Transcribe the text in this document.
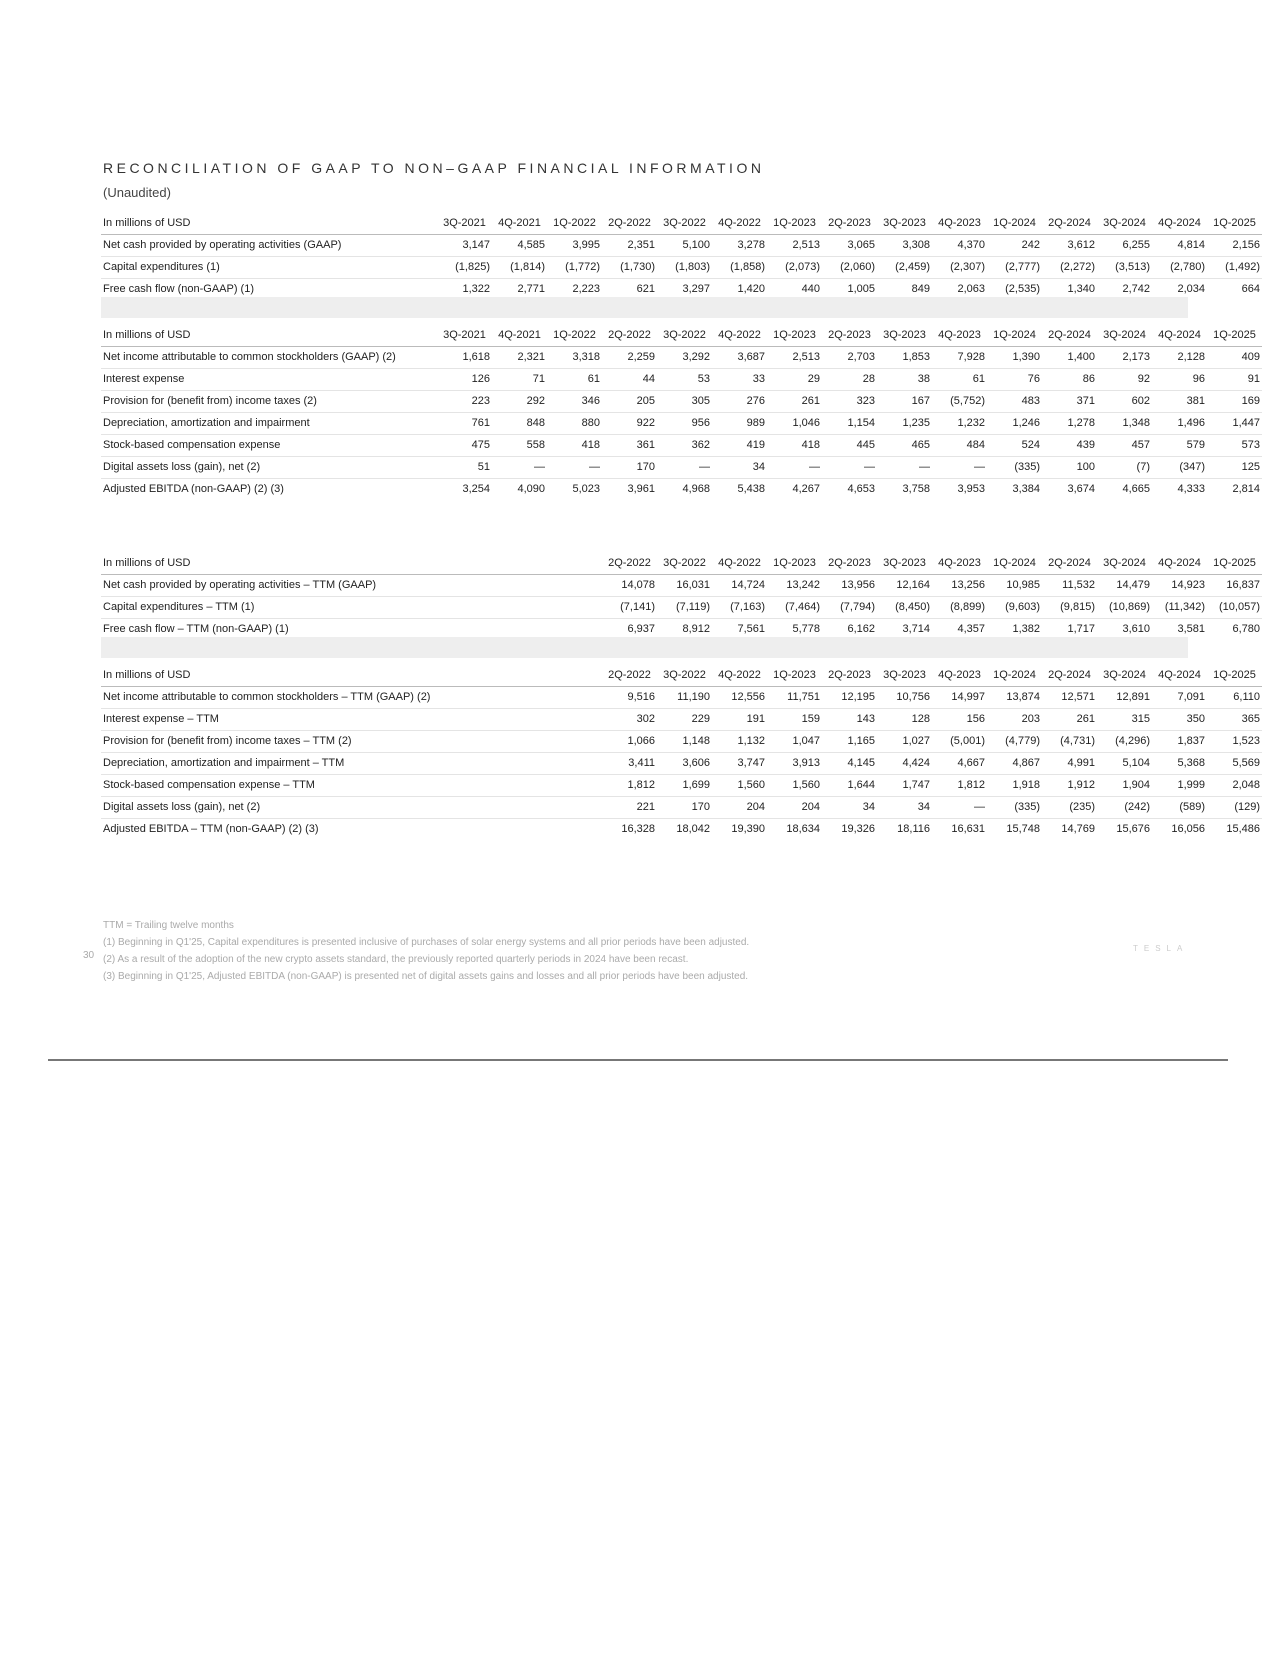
RECONCILIATION OF GAAP TO NON–GAAP FINANCIAL INFORMATION
(Unaudited)
In millions of USD	3Q-2021	4Q-2021	1Q-2022	2Q-2022	3Q-2022	4Q-2022	1Q-2023	2Q-2023	3Q-2023	4Q-2023	1Q-2024	2Q-2024	3Q-2024	4Q-2024	1Q-2025
Net cash provided by operating activities (GAAP)	3,147	4,585	3,995	2,351	5,100	3,278	2,513	3,065	3,308	4,370	242	3,612	6,255	4,814	2,156
Capital expenditures (1)	(1,825)	(1,814)	(1,772)	(1,730)	(1,803)	(1,858)	(2,073)	(2,060)	(2,459)	(2,307)	(2,777)	(2,272)	(3,513)	(2,780)	(1,492)
Free cash flow (non-GAAP) (1)	1,322	2,771	2,223	621	3,297	1,420	440	1,005	849	2,063	(2,535)	1,340	2,742	2,034	664
In millions of USD	3Q-2021	4Q-2021	1Q-2022	2Q-2022	3Q-2022	4Q-2022	1Q-2023	2Q-2023	3Q-2023	4Q-2023	1Q-2024	2Q-2024	3Q-2024	4Q-2024	1Q-2025
Net income attributable to common stockholders (GAAP) (2)	1,618	2,321	3,318	2,259	3,292	3,687	2,513	2,703	1,853	7,928	1,390	1,400	2,173	2,128	409
Interest expense	126	71	61	44	53	33	29	28	38	61	76	86	92	96	91
Provision for (benefit from) income taxes (2)	223	292	346	205	305	276	261	323	167	(5,752)	483	371	602	381	169
Depreciation, amortization and impairment	761	848	880	922	956	989	1,046	1,154	1,235	1,232	1,246	1,278	1,348	1,496	1,447
Stock-based compensation expense	475	558	418	361	362	419	418	445	465	484	524	439	457	579	573
Digital assets loss (gain), net (2)	51	—	—	170	—	34	—	—	—	—	(335)	100	(7)	(347)	125
Adjusted EBITDA (non-GAAP) (2) (3)	3,254	4,090	5,023	3,961	4,968	5,438	4,267	4,653	3,758	3,953	3,384	3,674	4,665	4,333	2,814
In millions of USD				2Q-2022	3Q-2022	4Q-2022	1Q-2023	2Q-2023	3Q-2023	4Q-2023	1Q-2024	2Q-2024	3Q-2024	4Q-2024	1Q-2025
Net cash provided by operating activities – TTM (GAAP)				14,078	16,031	14,724	13,242	13,956	12,164	13,256	10,985	11,532	14,479	14,923	16,837
Capital expenditures – TTM (1)				(7,141)	(7,119)	(7,163)	(7,464)	(7,794)	(8,450)	(8,899)	(9,603)	(9,815)	(10,869)	(11,342)	(10,057)
Free cash flow – TTM (non-GAAP) (1)				6,937	8,912	7,561	5,778	6,162	3,714	4,357	1,382	1,717	3,610	3,581	6,780
In millions of USD				2Q-2022	3Q-2022	4Q-2022	1Q-2023	2Q-2023	3Q-2023	4Q-2023	1Q-2024	2Q-2024	3Q-2024	4Q-2024	1Q-2025
Net income attributable to common stockholders – TTM (GAAP) (2)				9,516	11,190	12,556	11,751	12,195	10,756	14,997	13,874	12,571	12,891	7,091	6,110
Interest expense – TTM				302	229	191	159	143	128	156	203	261	315	350	365
Provision for (benefit from) income taxes – TTM (2)				1,066	1,148	1,132	1,047	1,165	1,027	(5,001)	(4,779)	(4,731)	(4,296)	1,837	1,523
Depreciation, amortization and impairment – TTM				3,411	3,606	3,747	3,913	4,145	4,424	4,667	4,867	4,991	5,104	5,368	5,569
Stock-based compensation expense – TTM				1,812	1,699	1,560	1,560	1,644	1,747	1,812	1,918	1,912	1,904	1,999	2,048
Digital assets loss (gain), net (2)				221	170	204	204	34	34	—	(335)	(235)	(242)	(589)	(129)
Adjusted EBITDA – TTM (non-GAAP) (2) (3)				16,328	18,042	19,390	18,634	19,326	18,116	16,631	15,748	14,769	15,676	16,056	15,486
TTM = Trailing twelve months
(1) Beginning in Q1'25, Capital expenditures is presented inclusive of purchases of solar energy systems and all prior periods have been adjusted.
(2) As a result of the adoption of the new crypto assets standard, the previously reported quarterly periods in 2024 have been recast.
(3) Beginning in Q1'25, Adjusted EBITDA (non-GAAP) is presented net of digital assets gains and losses and all prior periods have been adjusted.
30
TESLA
